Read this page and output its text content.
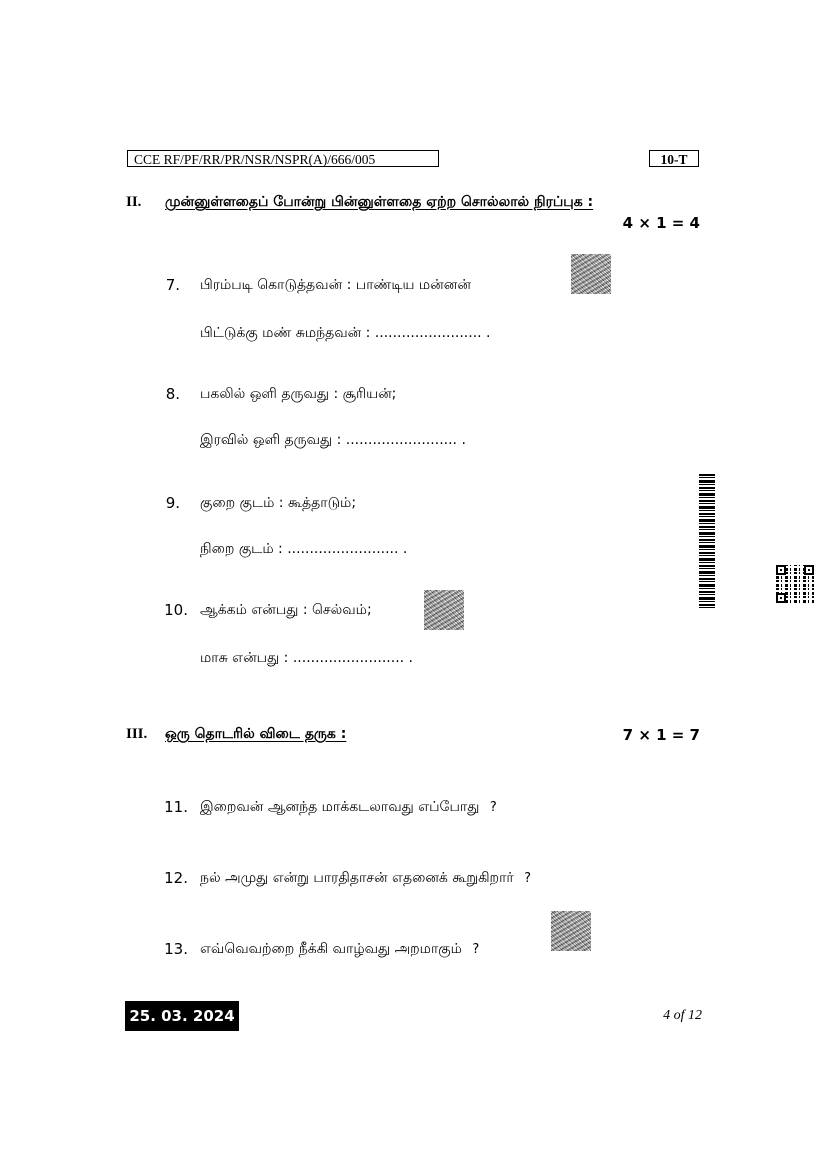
CCE RF/PF/RR/PR/NSR/NSPR(A)/666/005	10-T
II. முன்னுள்ளதைப் போன்று பின்னுள்ளதை ஏற்ற சொல்லால் நிரப்புக :
4 × 1 = 4
7. பிரம்படி கொடுத்தவன் : பாண்டிய மன்னன்
பிட்டுக்கு மண் சுமந்தவன் : ........................ .
8. பகலில் ஒளி தருவது : சூரியன்;
இரவில் ஒளி தருவது : ......................... .
9. குறை குடம் : கூத்தாடும்;
நிறை குடம் : ......................... .
10. ஆக்கம் என்பது : செல்வம்;
மாசு என்பது : ......................... .
III. ஒரு தொடரில் விடை தருக :	7 × 1 = 7
11. இறைவன் ஆனந்த மாக்கடலாவது எப்போது ?
12. நல் அமுது என்று பாரதிதாசன் எதனைக் கூறுகிறார் ?
13. எவ்வெவற்றை நீக்கி வாழ்வது அறமாகும் ?
25. 03. 2024	4 of 12
